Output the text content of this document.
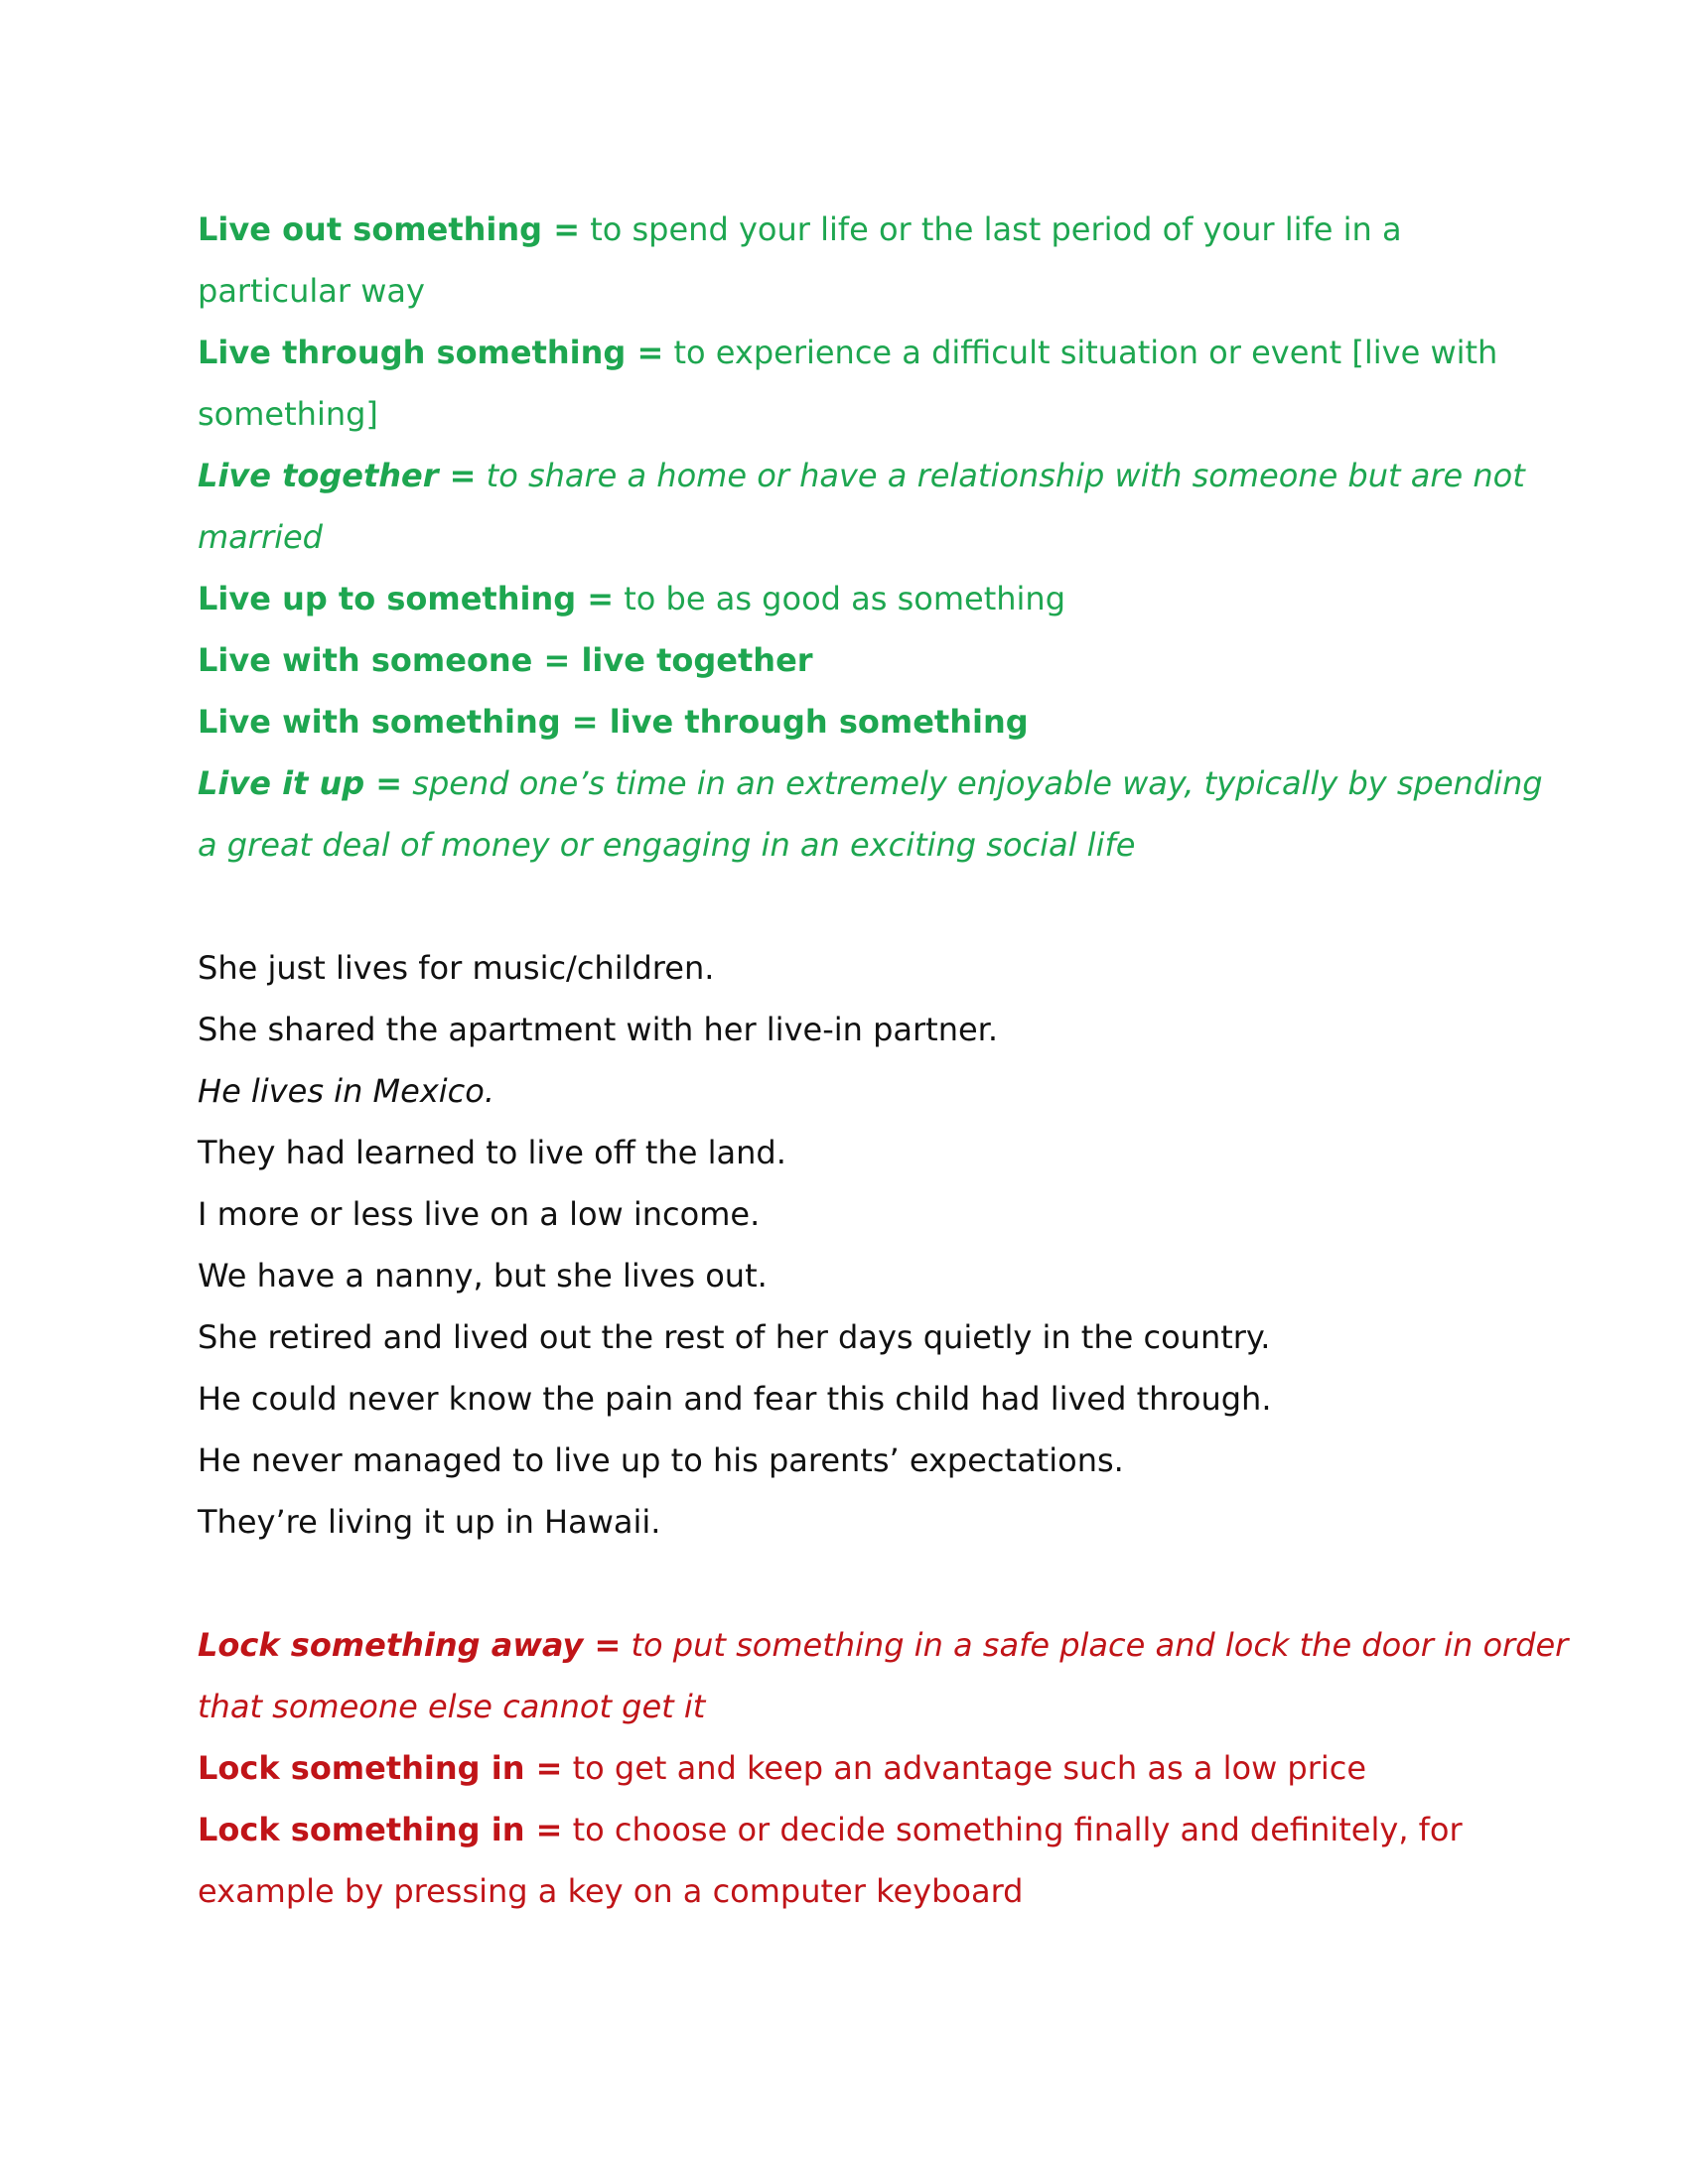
Live out something = to spend your life or the last period of your life in a

particular way

Live through something = to experience a difficult situation or event [live with

something]

Live together = to share a home or have a relationship with someone but are not

married

Live up to something = to be as good as something

Live with someone = live together

Live with something = live through something

Live it up = spend one’s time in an extremely enjoyable way, typically by spending

a great deal of money or engaging in an exciting social life

She just lives for music/children.

She shared the apartment with her live-in partner.

He lives in Mexico.

They had learned to live off the land.

I more or less live on a low income.

We have a nanny, but she lives out.

She retired and lived out the rest of her days quietly in the country.

He could never know the pain and fear this child had lived through.

He never managed to live up to his parents’ expectations.

They’re living it up in Hawaii.

Lock something away = to put something in a safe place and lock the door in order

that someone else cannot get it

Lock something in = to get and keep an advantage such as a low price

Lock something in = to choose or decide something finally and definitely, for

example by pressing a key on a computer keyboard
